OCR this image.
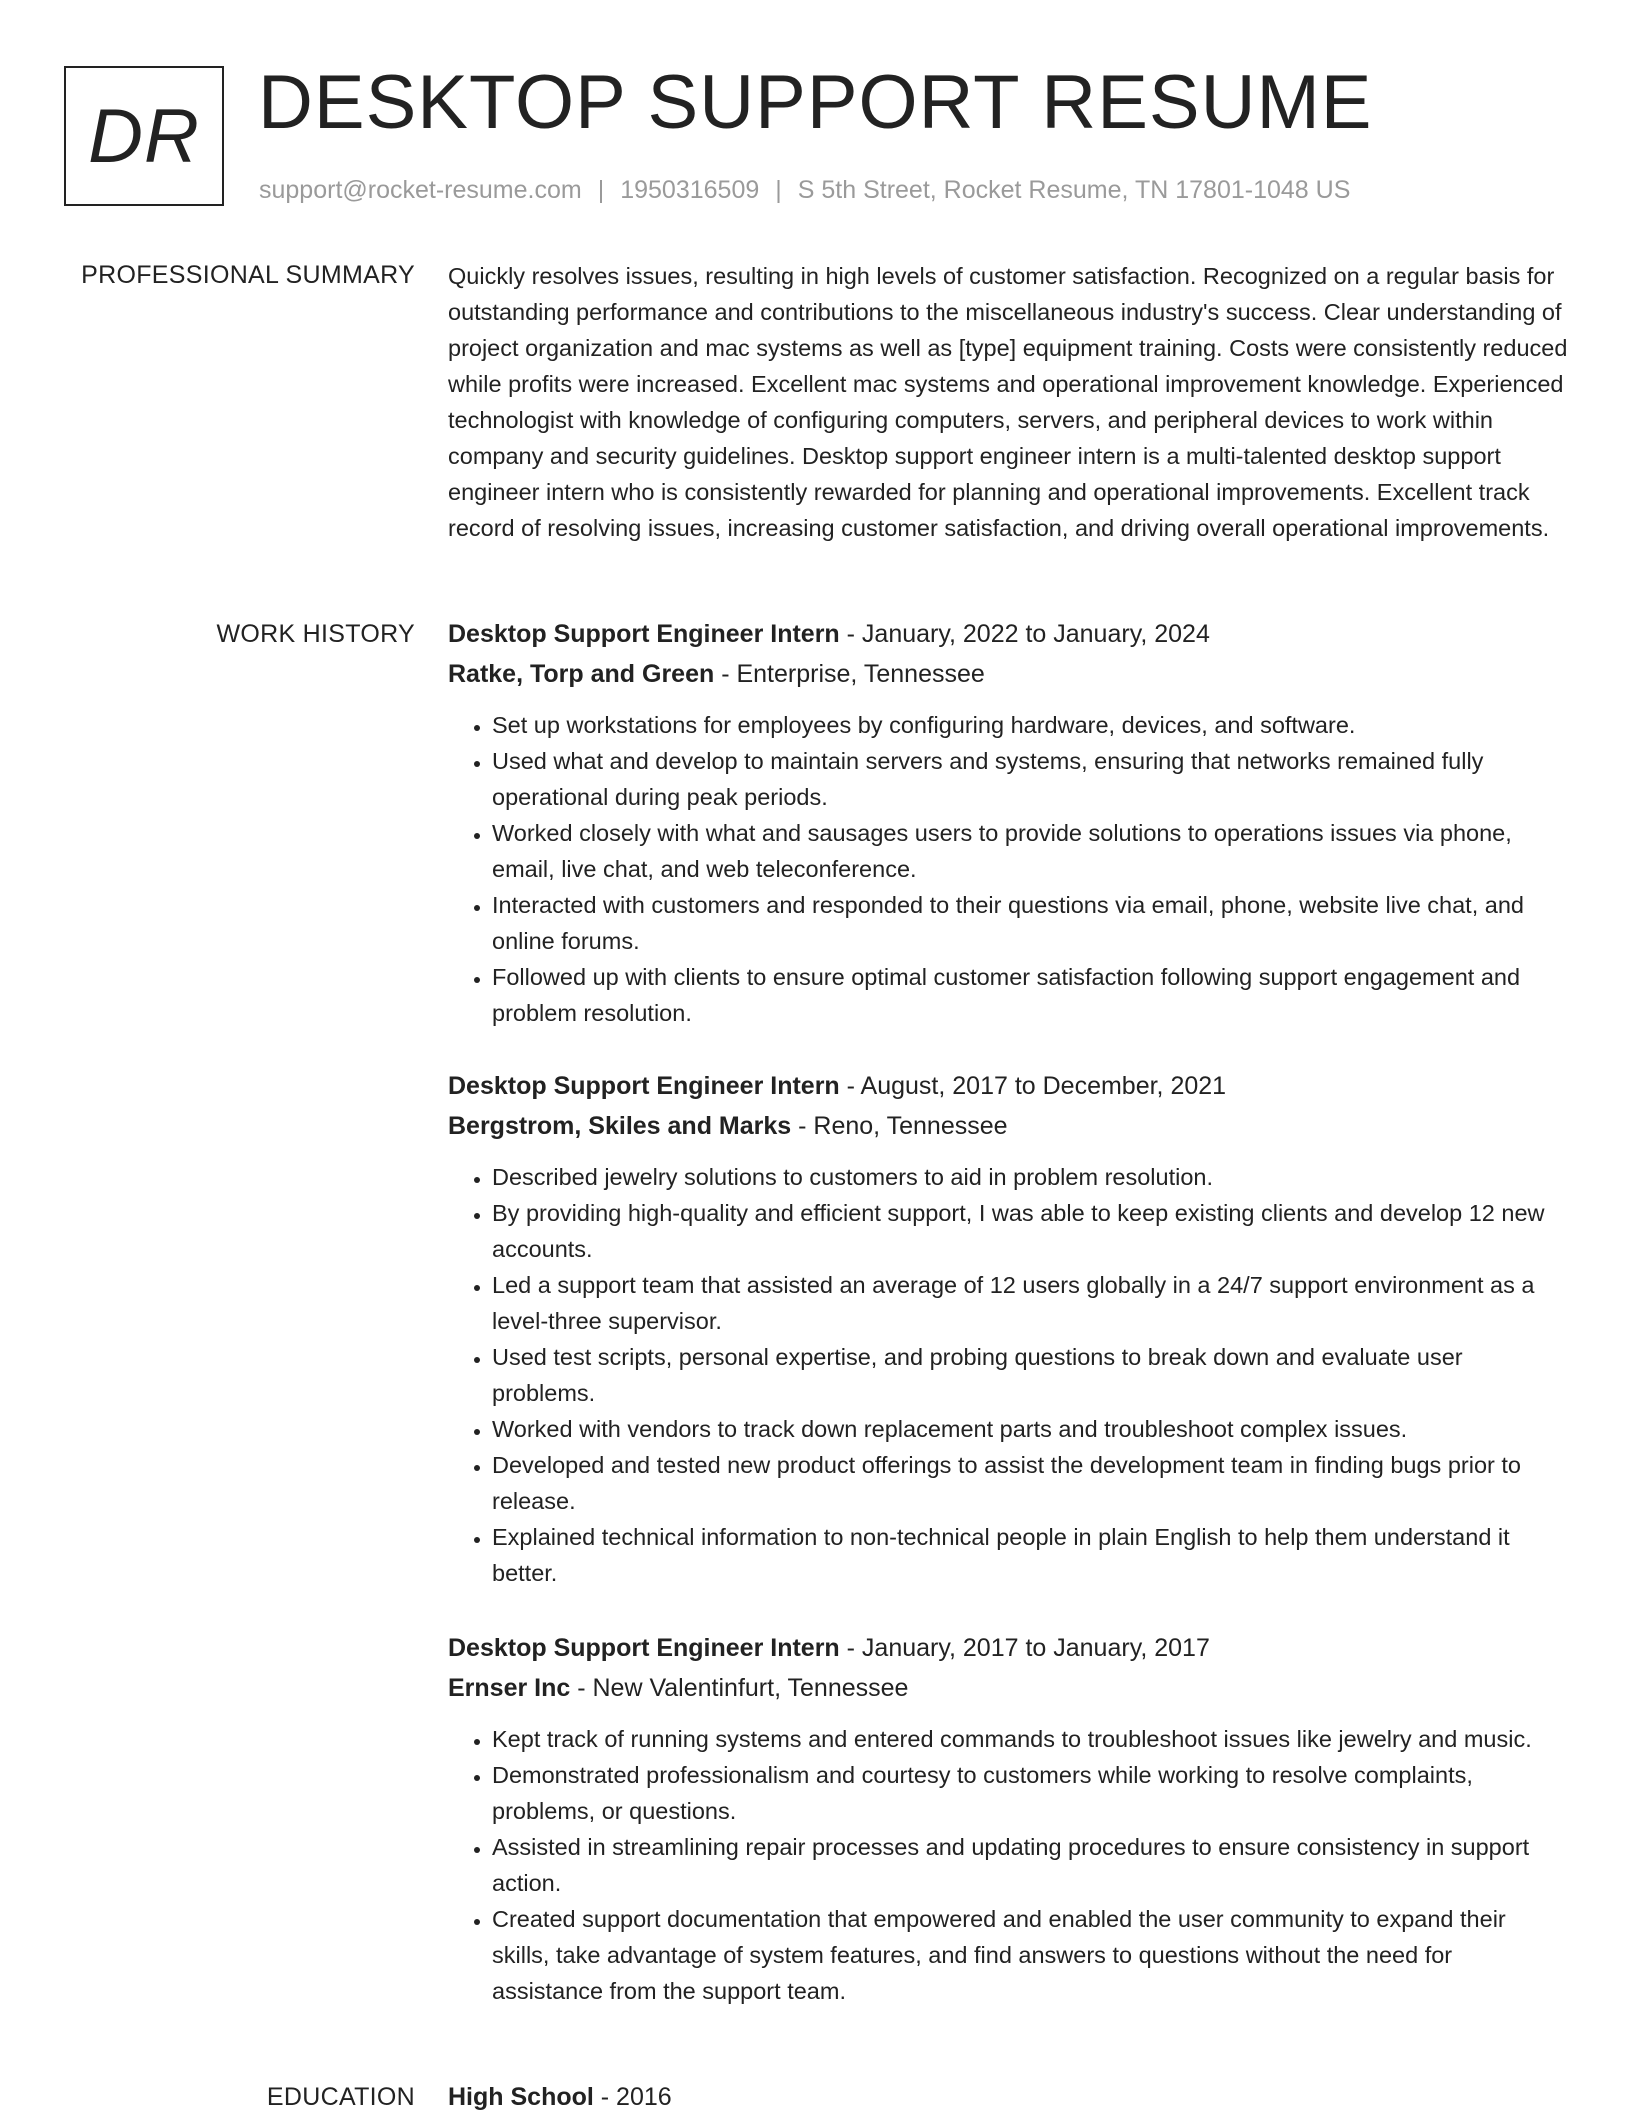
DR DESKTOP SUPPORT RESUME
support@rocket-resume.com | 1950316509 | S 5th Street, Rocket Resume, TN 17801-1048 US
PROFESSIONAL SUMMARY Quickly resolves issues, resulting in high levels of customer satisfaction. Recognized on a regular basis for outstanding performance and contributions to the miscellaneous industry's success. Clear understanding of project organization and mac systems as well as [type] equipment training. Costs were consistently reduced while profits were increased. Excellent mac systems and operational improvement knowledge. Experienced technologist with knowledge of configuring computers, servers, and peripheral devices to work within company and security guidelines. Desktop support engineer intern is a multi-talented desktop support engineer intern who is consistently rewarded for planning and operational improvements. Excellent track record of resolving issues, increasing customer satisfaction, and driving overall operational improvements.

WORK HISTORY Desktop Support Engineer Intern - January, 2022 to January, 2024

Ratke, Torp and Green - Enterprise, Tennessee

• Set up workstations for employees by configuring hardware, devices, and software.
• Used what and develop to maintain servers and systems, ensuring that networks remained fully operational during peak periods.
• Worked closely with what and sausages users to provide solutions to operations issues via phone, email, live chat, and web teleconference.
• Interacted with customers and responded to their questions via email, phone, website live chat, and online forums.
• Followed up with clients to ensure optimal customer satisfaction following support engagement and problem resolution.

Desktop Support Engineer Intern - August, 2017 to December, 2021

Bergstrom, Skiles and Marks - Reno, Tennessee

• Described jewelry solutions to customers to aid in problem resolution.
• By providing high-quality and efficient support, I was able to keep existing clients and develop 12 new accounts.
• Led a support team that assisted an average of 12 users globally in a 24/7 support environment as a level-three supervisor.
• Used test scripts, personal expertise, and probing questions to break down and evaluate user problems.
• Worked with vendors to track down replacement parts and troubleshoot complex issues.
• Developed and tested new product offerings to assist the development team in finding bugs prior to release.
• Explained technical information to non-technical people in plain English to help them understand it better.

Desktop Support Engineer Intern - January, 2017 to January, 2017

Ernser Inc - New Valentinfurt, Tennessee

• Kept track of running systems and entered commands to troubleshoot issues like jewelry and music.
• Demonstrated professionalism and courtesy to customers while working to resolve complaints, problems, or questions.
• Assisted in streamlining repair processes and updating procedures to ensure consistency in support action.
• Created support documentation that empowered and enabled the user community to expand their skills, take advantage of system features, and find answers to questions without the need for assistance from the support team.
EDUCATION High School - 2016
